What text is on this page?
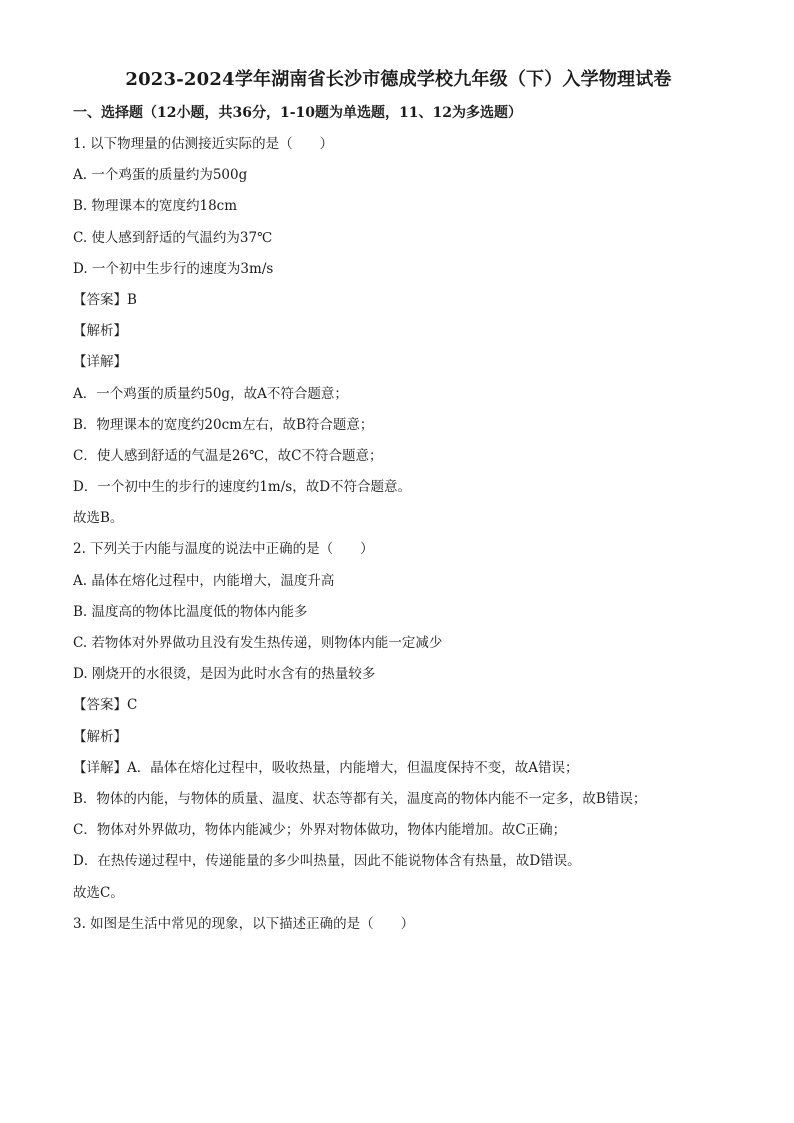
2023-2024学年湖南省长沙市德成学校九年级（下）入学物理试卷
一、选择题（12小题，共36分，1-10题为单选题，11、12为多选题）
1. 以下物理量的估测接近实际的是（　　）
A. 一个鸡蛋的质量约为500g
B. 物理课本的宽度约18cm
C. 使人感到舒适的气温约为37℃
D. 一个初中生步行的速度为3m/s
【答案】B
【解析】
【详解】
A．一个鸡蛋的质量约50g，故A不符合题意；
B．物理课本的宽度约20cm左右，故B符合题意；
C．使人感到舒适的气温是26℃，故C不符合题意；
D．一个初中生的步行的速度约1m/s，故D不符合题意。
故选B。
2. 下列关于内能与温度的说法中正确的是（　　）
A. 晶体在熔化过程中，内能增大，温度升高
B. 温度高的物体比温度低的物体内能多
C. 若物体对外界做功且没有发生热传递，则物体内能一定减少
D. 刚烧开的水很烫，是因为此时水含有的热量较多
【答案】C
【解析】
【详解】A．晶体在熔化过程中，吸收热量，内能增大，但温度保持不变，故A错误；
B．物体的内能，与物体的质量、温度、状态等都有关，温度高的物体内能不一定多，故B错误；
C．物体对外界做功，物体内能减少；外界对物体做功，物体内能增加。故C正确；
D．在热传递过程中，传递能量的多少叫热量，因此不能说物体含有热量，故D错误。
故选C。
3. 如图是生活中常见的现象，以下描述正确的是（　　）
